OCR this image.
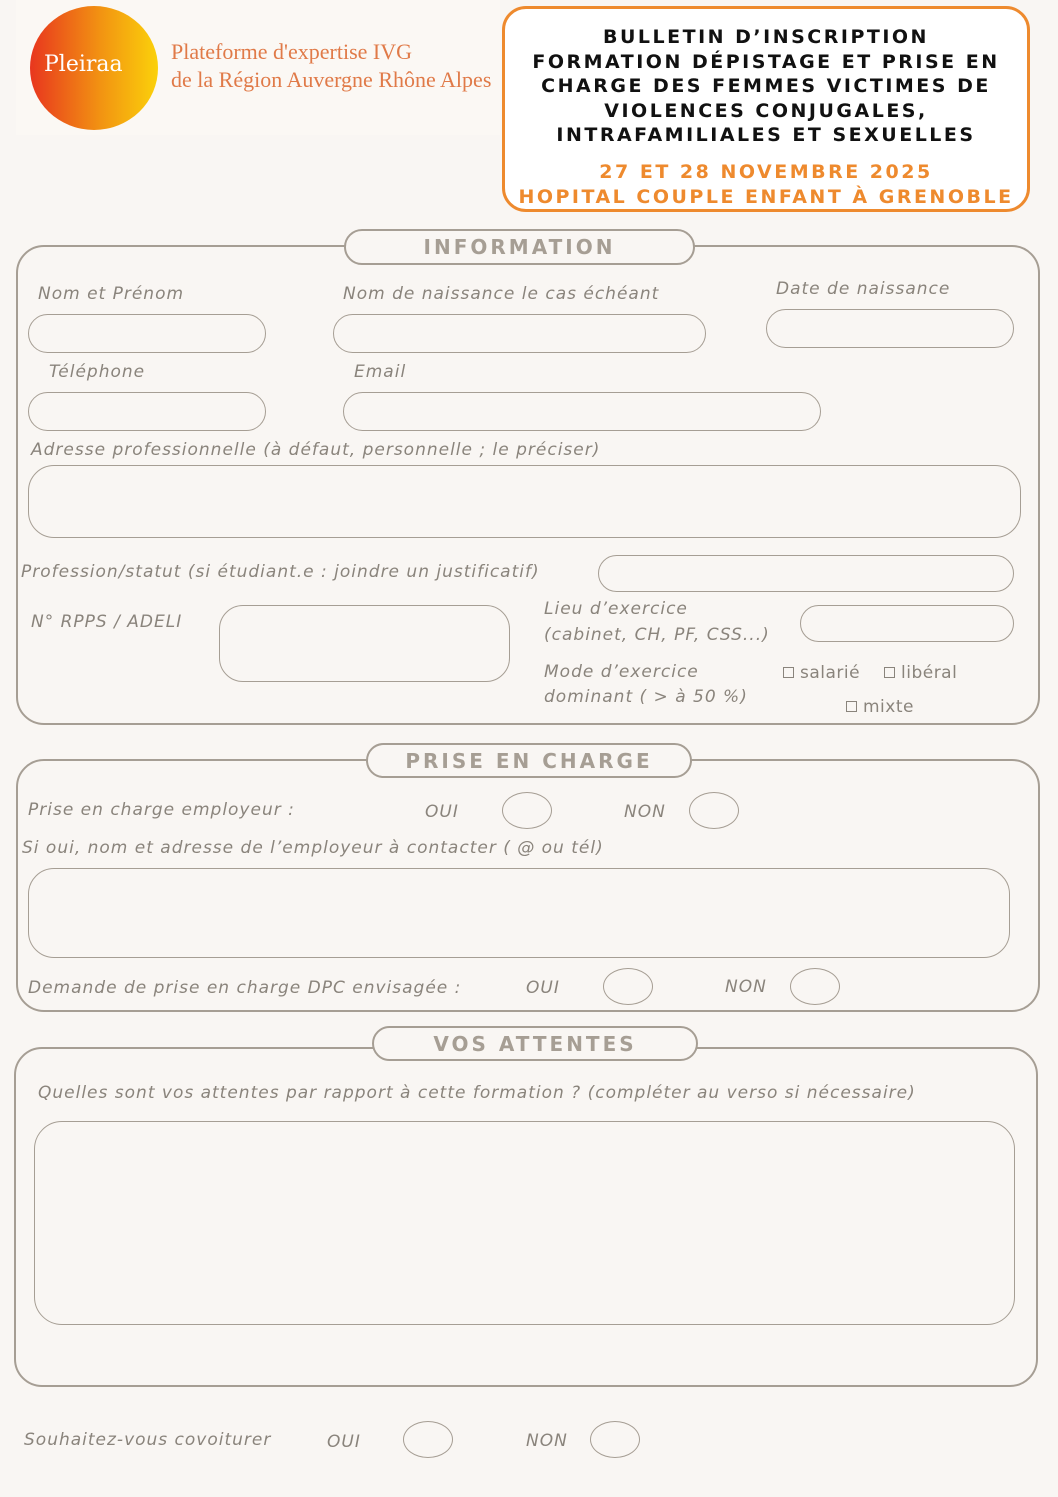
Pleiraa
Plateforme d'expertise IVG
de la Région Auvergne Rhône Alpes
BULLETIN D’INSCRIPTION
FORMATION DÉPISTAGE ET PRISE EN
CHARGE DES FEMMES VICTIMES DE
VIOLENCES CONJUGALES,
INTRAFAMILIALES ET SEXUELLES
27 ET 28 NOVEMBRE 2025
HOPITAL COUPLE ENFANT À GRENOBLE
INFORMATION
Nom et Prénom	Nom de naissance le cas échéant	Date de naissance
Téléphone	Email
Adresse professionnelle (à défaut, personnelle ; le préciser)
Profession/statut (si étudiant.e : joindre un justificatif)
N° RPPS / ADELI
Lieu d’exercice
(cabinet, CH, PF, CSS...)
Mode d’exercice
dominant ( > à 50 %)
salarié	libéral
mixte
PRISE EN CHARGE
Prise en charge employeur :	OUI	NON
Si oui, nom et adresse de l’employeur à contacter ( @ ou tél)
Demande de prise en charge DPC envisagée :	OUI	NON
VOS ATTENTES
Quelles sont vos attentes par rapport à cette formation ? (compléter au verso si nécessaire)
Souhaitez-vous covoiturer	OUI	NON
